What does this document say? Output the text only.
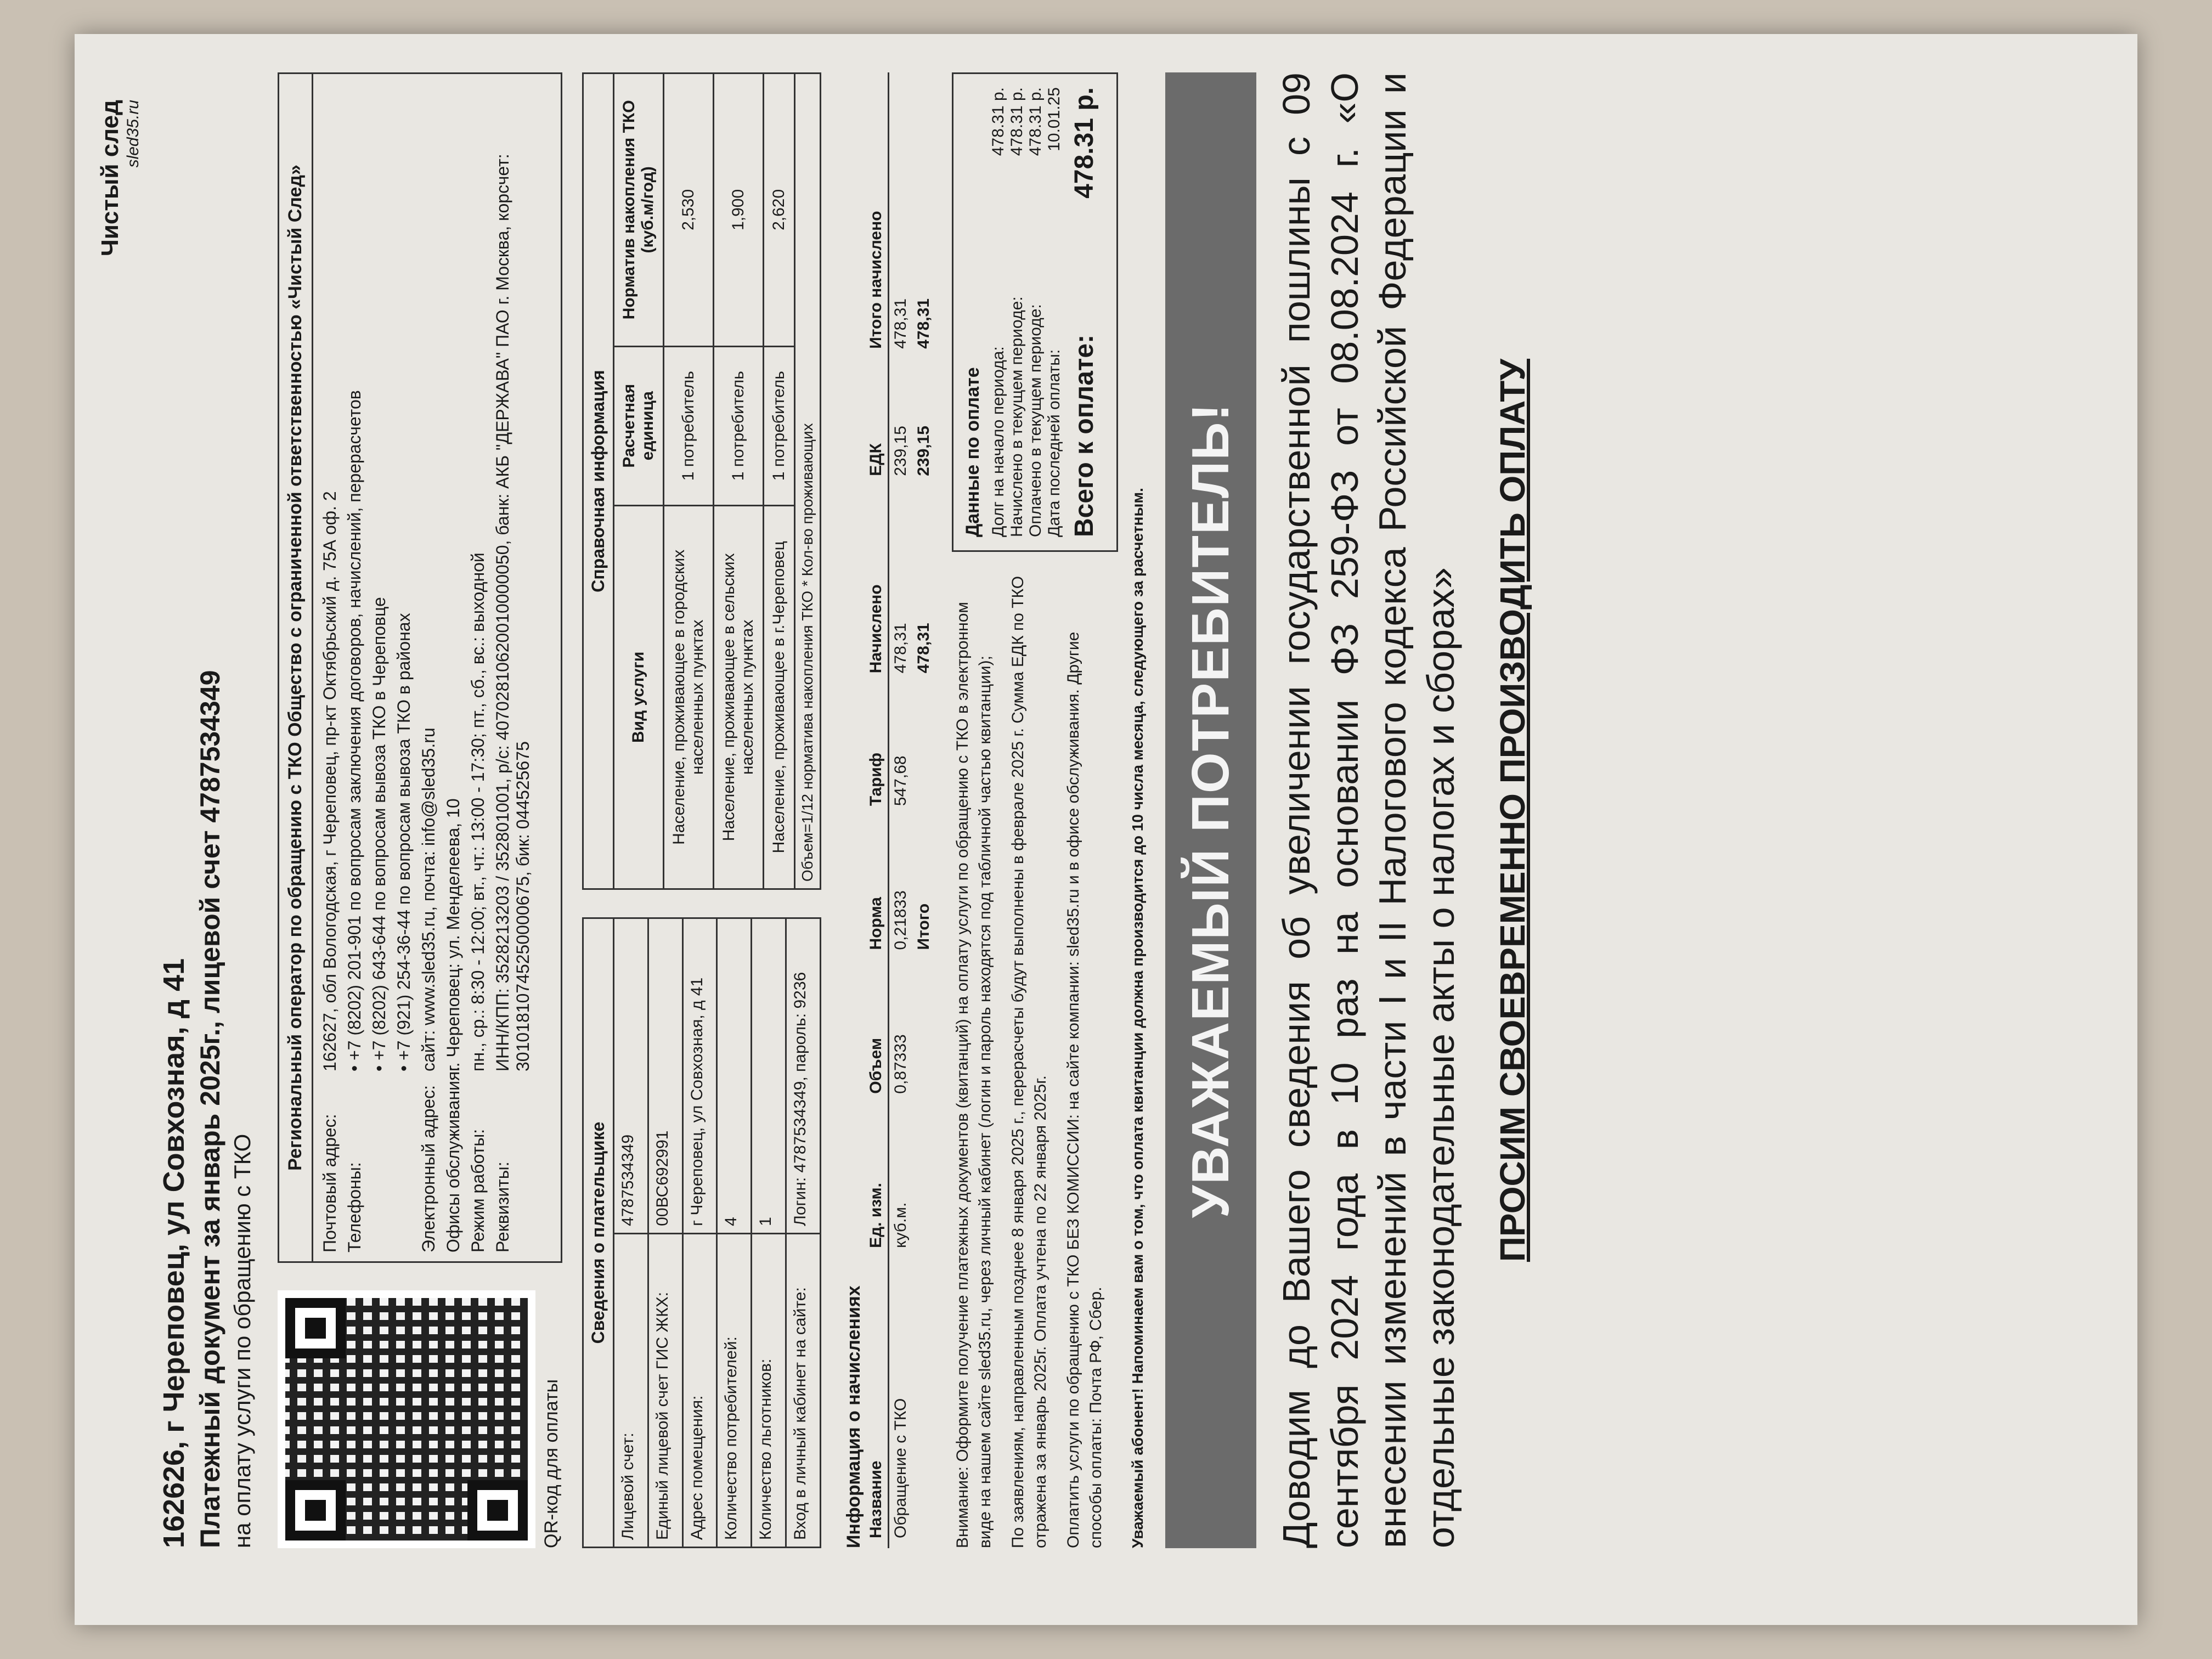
Чистый след sled35.ru
162626, г Череповец, ул Совхозная, д 41 Платежный документ за январь 2025г., лицевой счет 4787534349 на оплату услуги по обращению с ТКО	QR-код для оплаты
Региональный оператор по обращению с ТКО Общество с ограниченной ответственностью «Чистый След»
Почтовый адрес:
162627, обл Вологодская, г Череповец, пр-кт Октябрьский д. 75А оф. 2
Телефоны:
• +7 (8202) 201-901 по вопросам заключения договоров, начислений, перерасчетов • +7 (8202) 643-644 по вопросам вывоза ТКО в Череповце • +7 (921) 254-36-44 по вопросам вывоза ТКО в районах
Электронный адрес:
сайт: www.sled35.ru, почта: info@sled35.ru
Офисы обслуживания:
г. Череповец: ул. Менделеева, 10
Режим работы:
пн., ср.: 8:30 - 12:00; вт., чт.: 13:00 - 17:30; пт., сб., вс.: выходной
Реквизиты:
ИНН/КПП: 3528213203 / 352801001, р/с: 40702810620010000050, банк: АКБ "ДЕРЖАВА" ПАО г. Москва, корсчет: 30101810745250000675, бик: 044525675
Сведения о плательщике
Лицевой счет:	4787534349
Единый лицевой счет ГИС ЖКХ:	00ВС692991
Адрес помещения:	г Череповец, ул Совхозная, д 41
Количество потребителей:	4
Количество льготников:	1
Вход в личный кабинет на сайте:	Логин: 4787534349, пароль: 9236
Справочная информация
Вид услуги	Расчетная единица	Норматив накопления ТКО (куб.м/год)
Население, проживающее в городских населенных пунктах	1 потребитель	2,530
Население, проживающее в сельских населенных пунктах	1 потребитель	1,900
Население, проживающее в г.Череповец	1 потребитель	2,620
Объем=1/12 норматива накопления ТКО * Кол-во проживающих
Информация о начислениях Название	Ед. изм.	Объем	Норма	Тариф	Начислено	ЕДК	Итого начислено
Обращение с ТКО	куб.м.	0,87333	0,21833	547,68	478,31	239,15	478,31
			Итого		478,31	239,15	478,31

Внимание: Оформите получение платежных документов (квитанций) на оплату услуги по обращению с ТКО в электронном виде на нашем сайте sled35.ru, через личный кабинет (логин и пароль находятся под табличной частью квитанции); По заявлениям, направленным позднее 8 января 2025 г., перерасчеты будут выполнены в феврале 2025 г. Сумма ЕДК по ТКО отражена за январь 2025г. Оплата учтена по 22 января 2025г. Оплатить услуги по обращению с ТКО БЕЗ КОМИССИИ: на сайте компании: sled35.ru и в офисе обслуживания. Другие способы оплаты: Почта РФ, Сбер.

Данные по оплате Долг на начало периода:
478.31 р.
Начислено в текущем периоде:
478.31 р.
Оплачено в текущем периоде:
478.31 р.
Дата последней оплаты:
10.01.25
Всего к оплате:
478.31 р.
Уважаемый абонент! Напоминаем вам о том, что оплата квитанции должна производится до 10 числа месяца, следующего за расчетным. УВАЖАЕМЫЙ ПОТРЕБИТЕЛЬ! Доводим до Вашего сведения об увеличении государственной пошлины с 09 сентября 2024 года в 10 раз на основании ФЗ 259-ФЗ от 08.08.2024 г. «О внесении изменений в части I и II Налогового кодекса Российской Федерации и отдельные законодательные акты о налогах и сборах» ПРОСИМ СВОЕВРЕМЕННО ПРОИЗВОДИТЬ ОПЛАТУ
